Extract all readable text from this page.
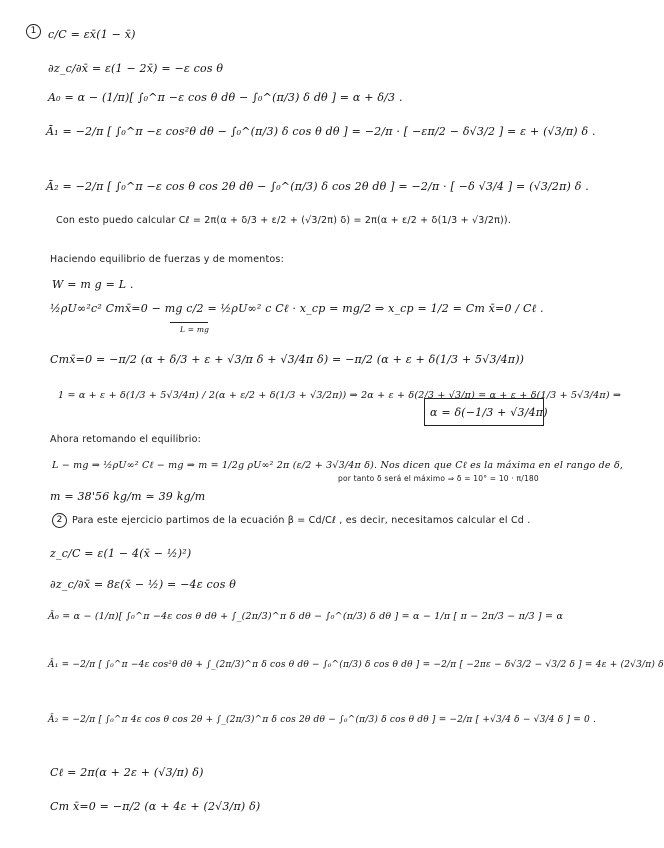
1	c/C = εx̄(1 − x̄)
∂z_c/∂x̄ = ε(1 − 2x̄) = −ε cos θ
A₀ = α − (1/π)[ ∫₀^π −ε cos θ dθ − ∫₀^(π/3) δ dθ ] = α + δ/3 .
Ā₁ = −2/π [ ∫₀^π −ε cos²θ dθ − ∫₀^(π/3) δ cos θ dθ ] = −2/π · [ −επ/2 − δ√3/2 ] = ε + (√3/π) δ .
Ā₂ = −2/π [ ∫₀^π −ε cos θ cos 2θ dθ − ∫₀^(π/3) δ cos 2θ dθ ] = −2/π · [ −δ √3/4 ] = (√3/2π) δ .
Con esto puedo calcular Cℓ = 2π(α + δ/3 + ε/2 + (√3/2π) δ) = 2π(α + ε/2 + δ(1/3 + √3/2π)).
Haciendo equilibrio de fuerzas y de momentos:
W = m g = L .
½ρU∞²c² Cmx̄=0 − mg c/2 = ½ρU∞² c Cℓ · x_cp = mg/2 ⇒ x_cp = 1/2 = Cm x̄=0 / Cℓ .
L = mg
Cmx̄=0 = −π/2 (α + δ/3 + ε + √3/π δ + √3/4π δ) = −π/2 (α + ε + δ(1/3 + 5√3/4π))
1 = α + ε + δ(1/3 + 5√3/4π) / 2(α + ε/2 + δ(1/3 + √3/2π)) ⇒ 2α + ε + δ(2/3 + √3/π) = α + ε + δ(1/3 + 5√3/4π) ⇒
α = δ(−1/3 + √3/4π)
Ahora retomando el equilibrio:
L − mg ⇒ ½ρU∞² Cℓ − mg ⇒ m = 1/2g ρU∞² 2π (ε/2 + 3√3/4π δ). Nos dicen que Cℓ es la máxima en el rango de δ,
por tanto δ será el máximo ⇒ δ = 10° = 10 · π/180
m = 38'56 kg/m ≃ 39 kg/m
2	Para este ejercicio partimos de la ecuación β = Cd/Cℓ , es decir, necesitamos calcular el Cd .
z_c/C = ε(1 − 4(x̄ − ½)²)
∂z_c/∂x̄ = 8ε(x̄ − ½) = −4ε cos θ
Ā₀ = α − (1/π)[ ∫₀^π −4ε cos θ dθ + ∫_(2π/3)^π δ dθ − ∫₀^(π/3) δ dθ ] = α − 1/π [ π − 2π/3 − π/3 ] = α
Ā₁ = −2/π [ ∫₀^π −4ε cos²θ dθ + ∫_(2π/3)^π δ cos θ dθ − ∫₀^(π/3) δ cos θ dθ ] = −2/π [ −2πε − δ√3/2 − √3/2 δ ] = 4ε + (2√3/π) δ
Ā₂ = −2/π [ ∫₀^π 4ε cos θ cos 2θ + ∫_(2π/3)^π δ cos 2θ dθ − ∫₀^(π/3) δ cos θ dθ ] = −2/π [ +√3/4 δ − √3/4 δ ] = 0 .
Cℓ = 2π(α + 2ε + (√3/π) δ)
Cm x̄=0 = −π/2 (α + 4ε + (2√3/π) δ)
